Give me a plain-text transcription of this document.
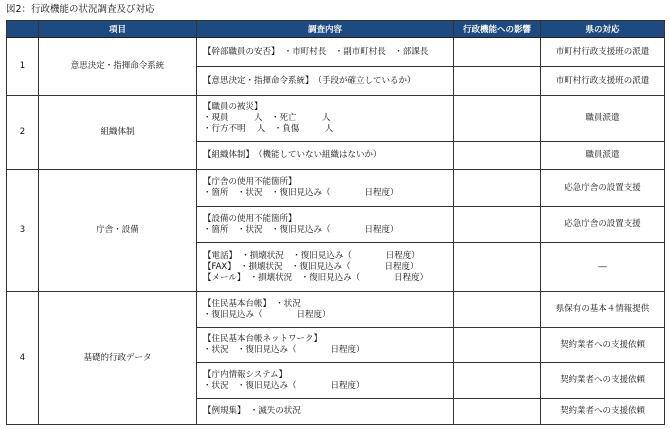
図2：行政機能の状況調査及び対応
	項目	調査内容	行政機能への影響	県の対応
1	意思決定・指揮命令系統	【幹部職員の安否】　・市町村長　・副市町村長　・部課長		市町村行政支援班の派遣

		【意思決定・指揮命令系統】　（手段が確立しているか）		市町村行政支援班の派遣
2	組織体制	【職員の被災】
・現員　　　人　・死亡　　　人
・行方不明　 人　・負傷　　　人		職員派遣

		【組織体制】　（機能していない組織はないか）		職員派遣
3	庁舎・設備	【庁舎の使用不能箇所】
・箇所　・状況　・復旧見込み（　　　　日程度）		応急庁舎の設置支援

		【設備の使用不能箇所】
・箇所　・状況　・復旧見込み（　　　　日程度）		応急庁舎の設置支援

		【電話】　・損壊状況　・復旧見込み（　　　　日程度）
【FAX】　・損壊状況　・復旧見込み（　　　　日程度）
【メール】　・損壊状況　・復旧見込み（　　　　日程度）		―
4	基礎的行政データ	【住民基本台帳】　・状況
・復旧見込み（　　　　日程度）		県保有の基本４情報提供

		【住民基本台帳ネットワーク】
・状況　・復旧見込み（　　　　日程度）		契約業者への支援依頼

		【庁内情報システム】
・状況　・復旧見込み（　　　　日程度）		契約業者への支援依頼

		【例規集】　・滅失の状況		契約業者への支援依頼
